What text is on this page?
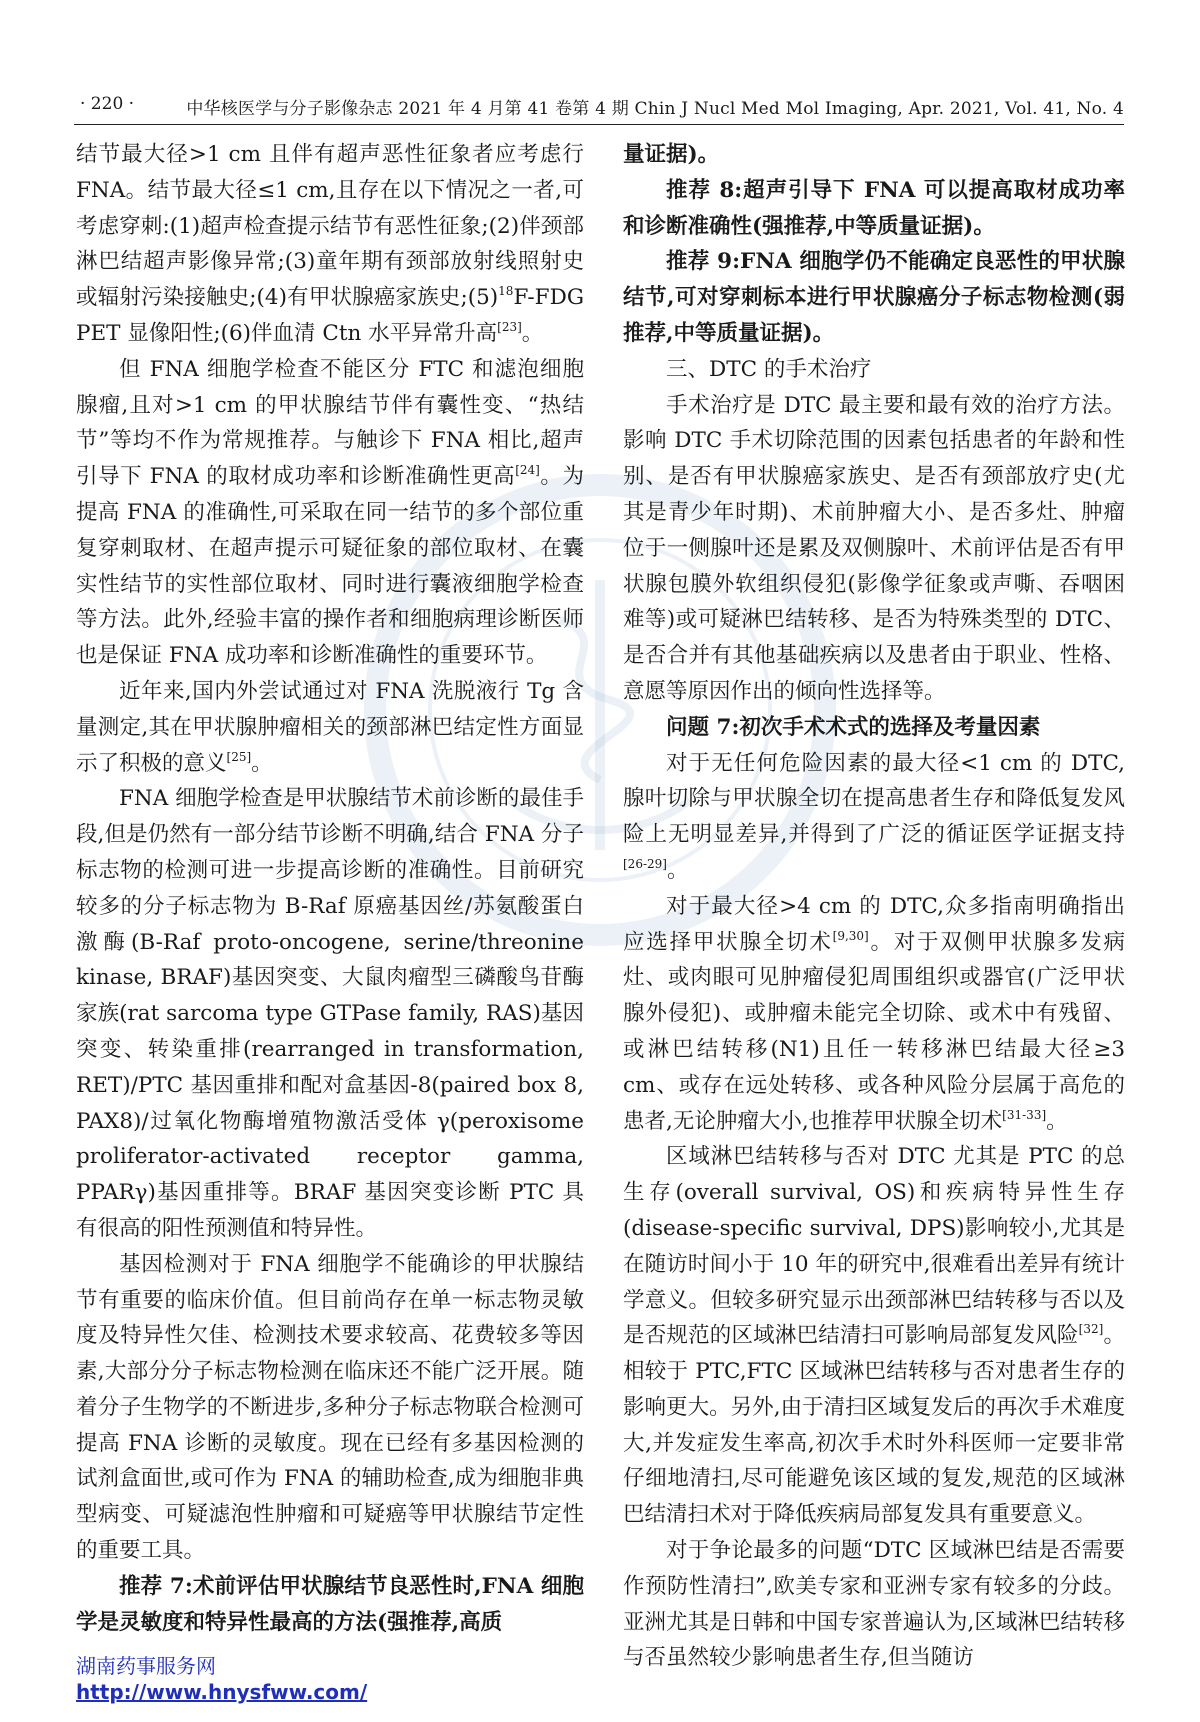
· 220 ·	中华核医学与分子影像杂志 2021 年 4 月第 41 卷第 4 期 Chin J Nucl Med Mol Imaging, Apr. 2021, Vol. 41, No. 4

结节最大径>1 cm 且伴有超声恶性征象者应考虑行 FNA。结节最大径≤1 cm,且存在以下情况之一者,可考虑穿刺:(1)超声检查提示结节有恶性征象;(2)伴颈部淋巴结超声影像异常;(3)童年期有颈部放射线照射史或辐射污染接触史;(4)有甲状腺癌家族史$;(5)^{18}F$-FDG PET 显像阳性;(6)伴血清 Ctn 水平异常升高[23]。

但 FNA 细胞学检查不能区分 FTC 和滤泡细胞腺瘤,且对>1 cm 的甲状腺结节伴有囊性变、“热结节”等均不作为常规推荐。与触诊下 FNA 相比,超声引导下 FNA 的取材成功率和诊断准确性更高[24]。为提高 FNA 的准确性,可采取在同一结节的多个部位重复穿刺取材、在超声提示可疑征象的部位取材、在囊实性结节的实性部位取材、同时进行囊液细胞学检查等方法。此外,经验丰富的操作者和细胞病理诊断医师也是保证 FNA 成功率和诊断准确性的重要环节。

近年来,国内外尝试通过对 FNA 洗脱液行 Tg 含量测定,其在甲状腺肿瘤相关的颈部淋巴结定性方面显示了积极的意义[25]。

FNA 细胞学检查是甲状腺结节术前诊断的最佳手段,但是仍然有一部分结节诊断不明确,结合 FNA 分子标志物的检测可进一步提高诊断的准确性。目前研究较多的分子标志物为 B-Raf 原癌基因丝/苏氨酸蛋白激酶(B-Raf proto-oncogene, serine/threonine kinase, BRAF)基因突变、大鼠肉瘤型三磷酸鸟苷酶家族(rat sarcoma type GTPase family, RAS)基因突变、转染重排(rearranged in transformation, RET)/PTC 基因重排和配对盒基因-8(paired box 8, PAX8)/过氧化物酶增殖物激活受体 γ(peroxisome proliferator-activated receptor gamma, PPARγ)基因重排等。BRAF 基因突变诊断 PTC 具有很高的阳性预测值和特异性。

基因检测对于 FNA 细胞学不能确诊的甲状腺结节有重要的临床价值。但目前尚存在单一标志物灵敏度及特异性欠佳、检测技术要求较高、花费较多等因素,大部分分子标志物检测在临床还不能广泛开展。随着分子生物学的不断进步,多种分子标志物联合检测可提高 FNA 诊断的灵敏度。现在已经有多基因检测的试剂盒面世,或可作为 FNA 的辅助检查,成为细胞非典型病变、可疑滤泡性肿瘤和可疑癌等甲状腺结节定性的重要工具。

推荐 7:术前评估甲状腺结节良恶性时,FNA 细胞学是灵敏度和特异性最高的方法(强推荐,高质

量证据)。

推荐 8:超声引导下 FNA 可以提高取材成功率和诊断准确性(强推荐,中等质量证据)。

推荐 9:FNA 细胞学仍不能确定良恶性的甲状腺结节,可对穿刺标本进行甲状腺癌分子标志物检测(弱推荐,中等质量证据)。

三、DTC 的手术治疗

手术治疗是 DTC 最主要和最有效的治疗方法。影响 DTC 手术切除范围的因素包括患者的年龄和性别、是否有甲状腺癌家族史、是否有颈部放疗史(尤其是青少年时期)、术前肿瘤大小、是否多灶、肿瘤位于一侧腺叶还是累及双侧腺叶、术前评估是否有甲状腺包膜外软组织侵犯(影像学征象或声嘶、吞咽困难等)或可疑淋巴结转移、是否为特殊类型的 DTC、是否合并有其他基础疾病以及患者由于职业、性格、意愿等原因作出的倾向性选择等。

问题 7:初次手术术式的选择及考量因素

对于无任何危险因素的最大径<1 cm 的 DTC,腺叶切除与甲状腺全切在提高患者生存和降低复发风险上无明显差异,并得到了广泛的循证医学证据支持[26-29]。

对于最大径>4 cm 的 DTC,众多指南明确指出应选择甲状腺全切术[9,30]。对于双侧甲状腺多发病灶、或肉眼可见肿瘤侵犯周围组织或器官(广泛甲状腺外侵犯)、或肿瘤未能完全切除、或术中有残留、或淋巴结转移(N1)且任一转移淋巴结最大径≥3 cm、或存在远处转移、或各种风险分层属于高危的患者,无论肿瘤大小,也推荐甲状腺全切术[31-33]。

区域淋巴结转移与否对 DTC 尤其是 PTC 的总生存(overall survival, OS)和疾病特异性生存(disease-specific survival, DPS)影响较小,尤其是在随访时间小于 10 年的研究中,很难看出差异有统计学意义。但较多研究显示出颈部淋巴结转移与否以及是否规范的区域淋巴结清扫可影响局部复发风险[32]。相较于 PTC,FTC 区域淋巴结转移与否对患者生存的影响更大。另外,由于清扫区域复发后的再次手术难度大,并发症发生率高,初次手术时外科医师一定要非常仔细地清扫,尽可能避免该区域的复发,规范的区域淋巴结清扫术对于降低疾病局部复发具有重要意义。

对于争论最多的问题“DTC 区域淋巴结是否需要作预防性清扫”,欧美专家和亚洲专家有较多的分歧。亚洲尤其是日韩和中国专家普遍认为,区域淋巴结转移与否虽然较少影响患者生存,但当随访

湖南药事服务网
http://www.hnysfww.com/
